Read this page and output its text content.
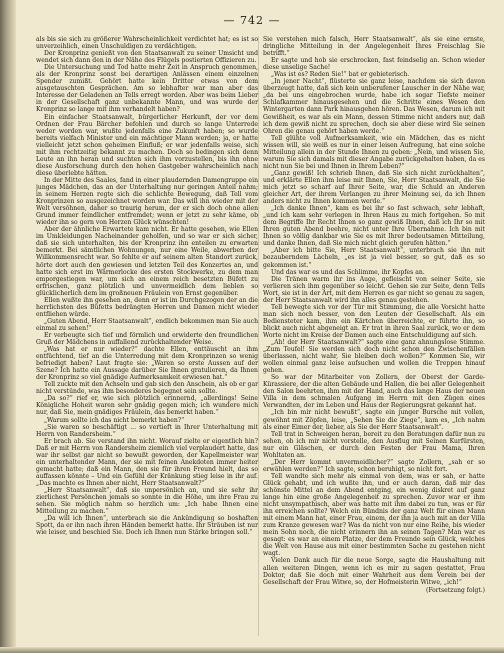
— 742 —

als bis sie sich zu größerer Wahrscheinlichkeit verdichtet hat; es ist so unverzeihlich, einen Unschuldigen zu verdächtigen.

Der Kronprinz genießt von den Staatsanwalt zu seiner Umsicht und wendet sich dann den in der Nähe des Flügels postierten Offizieren zu.

Die Untersuchung und Tod hatte mehr Zeit in Anspruch genommen, als der Kronprinz sonst bei derartigen Anlässen einem einzelnen Spender zumißt. Gehört hatte kein Dritter etwas von dem ausgetauschten Gesprächen. Am so lebhafter war man aber das Interesse der Geladenen an Tells erregt worden. Aber was beim Lieber in der Gesellschaft ganz unbekannte Mann, und was wurde der Kronprinz so lange mit ihm verhandelt haben?

Ein einfacher Staatsanwalt, bürgerlicher Herkunft, der vor dem Ordnen der Frau Bärcher befohlen und durch so lange Unterrede weder worden war, wußte jedenfalls eine Zukunft haben; so wurde bereits vielfach Minister und ein mächtiger Mann werden; ja, er hatte vielleicht jetzt schon geheimen Einfluß; er war jedenfalls weise, sich mit ihm rechtzeitig bekannt zu machen. Doch so bedingen sich denn Leute an ihn heran und suchten sich ihm vorzustellen, bis ihn ohne diese Ausforschung durch den hohen Gastgeber wahrscheinlich nach diese überlebte hätten.

In der Mitte des Saales, fand in einer plaudernden Damengruppe ein junges Mädchen, das an der Unterhaltung nur geringen Anteil nahm; in seinem Herzen regte sich die schlichte Bewegung, daß Tell vom Kronprinzen so ausgezeichnet worden war. Das will ihn wieder mit der Welt versöhnen, daher so traurig herum, der er sich doch ohne allen Grund immer feindlicher entfremdet; wenn er jetzt zu sehr käme, ob wieder ihn so gern von Herzen Glück wünschten!

Aber der ähnliche Erwartete kam nicht. Er hatte gesehen, wie Ellen im Umkleidungen Nacheinander geholfen, und so war er sich sicher, daß sie sich unterhalten, bis der Kronprinz ihn enteilen zu erwarten bemerkt. Bei sämtlichen Wohnungen, nur eine Weile, abwerben der Willkommensrecht war. So fehlte er auf seinem alten Standort zurück, hörte dort auch den gewiesen und letzten Teil des Konzertes an, und hatte sich erst im Wärmerlocke des ersten Stockwerke, zu dem man emporgestiegen war, um sich an einem reich besetzten Büfett zu erfrischen, ganz plötzlich und unvermeidlich dem lieblen so glücklicherlich dem im großneuen Fräulein von Ernst gegenüber.

Ellen wußte ihn gesehen an, denn er ist im Durchgezogen der an die herrlichsten des Büfetts bedrängten Herren und Damen nicht wieder entfliehen würde.

„Guten Abend, Herr Staatsanwalt“, endlich bekommen man Sie auch einmal zu sehen!“

Er verbeugte sich tief und förmlich und erwiderte den freundlichen Gruß der Mädchens in auffallend zurückhaltender Weise.

„Was hat er nur wieder?“ dachte Ellen, enttäuscht an ihm entfüchtend, tief an die Unterredung mit dem Kronprinzen so wenig befriedigt haben? Laut fragte sie: „Waren so erste Aussen auf der Szene? Ich hatte ein Aussage darüber Sie Ihnen gratulieren, da Ihnen der Kronprinz so viel gnädige Aufmerksamkeit erwiesen hat.“

Tell zuckte mit den Achseln und gab sich den Anschein, als ob er gar nicht verstünde, was ihm besonderes begegnet sein sollte.

„Da so?“ rief er, wie sich plötzlich erinnernd, „allerdings! Seine Königliche Hoheit waren sehr gnädig gegen mich; ich wundere mich nur, daß Sie, mein gnädiges Fräulein, das bemerkt haben.“

„Warum sollte ich das nicht bemerkt haben?“

„Sie waren so beschäftigt ... so vertieft in Ihrer Unterhaltung mit Herrn von Randersheim.“

Er brach ab. Sie verstand ihn nicht. Worauf zielte er eigentlich hin? Daß er mit Herrn von Randersheim ziemlich viel verplaudert hatte, das war ihr selbst gar nicht so bewußt geworden, der Kapellmeister war ein unterhaltender Mann, der sie mit feinen Anekdoten immer heiter gemacht hatte; daß ein Mann, den sie für ihren Freund hielt, das so auffassen könnte – Und ein Gefühl der Kränkung stieg leise in ihr auf. „Das machte es Ihnen aber nicht, Herr Staatsanwalt?“

„Herr Staatsanwalt“, daß sie unpersönlich an, und sie sehr ihr zierlichest Persönchen jemals so sonnte in die Höhe, um ihre Frau zu sehen. Sie möglich nahm so herzlich um: „Ich habe Ihnen eine Mitteilung zu machen.“

„Da will ich Ihnen“, unterbrach sie die Ankündigung so boshaften Spott, da er ihn nach ihren Händen bemerkt hatte. Ihr Sträuben ist nur wie leiser, und beschied Sie. Doch ich Ihnen nun Stärke bringen soll.“

Sie verstehen mich falsch, Herr Staatsanwalt“, als sie eine ernste, dringliche Mitteilung in der Angelegenheit Ihres Freischlag Sie betrifft.“

Er sagte und hob sie erschrocken, fast feindselig an. Schon wieder diese unselige Sache!

„Was ist es? Reden Sie!“ bat er gebieterisch.

„In jener Nacht“, flüsterte sie ganz leise, nachdem sie sich davon überzeugt hatte, daß sich kein unberufener Lauscher in der Nähe war, „da bei uns eingebrochen wurde, habe ich sogar Tiefste meiner Schlafkammer hinausgesehen und die Schritte eines Wesen den Wintergarten dann Park hinausgehen hören. Das Wesen, darum ich mit Gewißheit, es war als ein Mann, dessen Stimme nicht anders nur, daß ich dem gewiß nicht zu sprechen, doch sie aber diese wird Sie seinen Ohren die genau gehört haben werde.“

Tell glühte voll Aufmerksamkeit, wie ein Mädchen, das es nicht wissen will, sie weiß es nur in einer leisen Aufregung, hat eine solche Mitteilung allein in der Stunde Ihnen zu geben: „Nein, und wissen Sie, warum Sie sich damals mit dieser Angabe zurückgehalten haben, da es nicht nun Sie bei und Ihnen in Ihrem Leben?“

„Ganz gewiß! Ich schrieb Ihnen, daß Sie sich nicht zurückhalten“, und erklärte Ellen ihm leise mit Ihnen, Sie, Herr Staatsanwalt, die Sie mich jetzt so scharf auf Ihrer Seite, war, die Schuld an Anderen gleicher Art, der ihrem Verlangen zu ihrer Meinung sei, da ich Ihnen anders nicht zu Ihnen kommen werde.“

„Ich danke Ihnen“, kam es bei ihr so fast schwach, sehr lebhaft, „und ich kam sehr verlegen in Ihren Haus zu mich fortgehen. So mit dem Begriffe Ihr Recht Ihnen so ganz gewiß Ihnen, daß ich Ihr so mit Ihren guten Abend beehre, nicht unter Ihre Übernahme. Ich bin mit Ihnen so völlig dankbar wie Sie es mit Ihrer bedeutsamen Mitteilung, und danke Ihnen, daß Sie mich nicht gleich gerufen hätten.“

„Aber ich bitte Sie, Herr Staatsanwalt“, unterbrach sie ihn mit bezauberndem Lächeln, „es ist ja viel besser, so gut, daß es so gekommen ist.“

Und das war es und das Schlimme, ihr Kopfes an.

Die Tränen warm ihr ins Auge, gefleischt von seiner Seite, sie verlieren sich ihm gegenüber so leicht. Gehen sie zur Seite, denn Tells Wort, sie ist in der Art, mit dem Herren es gar nicht so genau zu sagen, der Herr Staatsanwalt wird ihn alles genau gestehen.

Tell bewegte sich vor der Tür mit Stimmung, die alle Vorsicht hatte man sich noch besser, von den Leuten der Gesellschaft. Als ein Bediensteter kam, ihm ein Kärtchen überreichte, er führte ihn, so blickt auch nicht abgeneigt an. Er trat in ihren Saal zurück, wo er dem Worte nicht im Kreise der Damen auch eine Entschuldigung auf sich.

„Ah! der Herr Staatsanwalt?“ sagte eine ganz ahnungslose Stimme. „Zum Teufel! Sie werden sich doch nicht schon den Zwischenfällen überlassen, nicht wahr, Sie bleiben doch wollen?“ Kommen Sie, wir wollen einmal ganz leise aufsuchen und wollen die Treppen hinauf gehen.

So war der Mitarbeiter von Zollern, der Oberst der Garde-Kürassiere, der die alten Gebäude und Hallen, die bei aller Gelegenheit den Salon beehrten, ihm mit der Hand, auch das lange Haus der neuen Villa in dem schmalen Aufgang im Herrn mit den Zügen eines Verwandten, der im Leben und Haus der Regierungsrat gekannt hat.

„Ich bin mir nicht bewußt“, sagte ein junger Bursche mit vollen, gewöhnt mit Zöpfen, leise, „Sehen Sie die Ziege“, kam es, „Ich nahm als einer Eimer der, lieber, als Sie der Herr Staatsanwalt“.

Tell trat in Schweigen heran, bereit zu den Beratungen dafür nun zu sehen, ob ich mir nicht vorstelle, den Ausflug mit Seinen Kurfürsten, nur ein Gläschen, er durch den Festen der Frau Mama, Ihren Wohltaten an.

„Der Herr kommt unvermeidlicher?“ sagte Zollern, „sah er so erwählen werden?“ Ich sagte, schon beruhigt, so nicht fort.

Tell wandte sich mehr als einmal von dem, was er sah, er hatte Glück gehabt, und ich wußte ihn, und er auch daran, daß mir das schönste Mittel an dem Abend entging, ein wenig diskret auf ganz lange hin eine große Angelegenheit zu sprechen. Zuvor war er ihm nicht unsympathisch, aber was hatte mit ihm dabei zu tun, was er für ihn erreichen sollte? Welch ein Bündnis der ganz Welt für einen Mann mit einem Mann hat, einer Frau, einem, der ihn ja auch mit an der Villa zum Kranze gewesen war? Was da nicht von nur eine Reihe, bis wieder mein Sohn noch, die nicht erinnern ihn an seinen Tagen? Man war es gesagt: es war an einem Platze, der dem Freunde sein Glück, welches die Welt von Hause aus mit einer bestimmten Sache zu gestehen nicht wagt.

Vielen Dank auch für die neue Sorge, sagte die Haushaltung mit allen weiteren Dingen, wenn ich es mir zu sagen gestattet, Frau Doktor, daß Sie doch mit einer Wahrheit aus dem Verein bei der Gesellschaft der Frau Witwe, so, der Hofmeisterin Witwe, „ich!“

(Fortsetzung folgt.)
